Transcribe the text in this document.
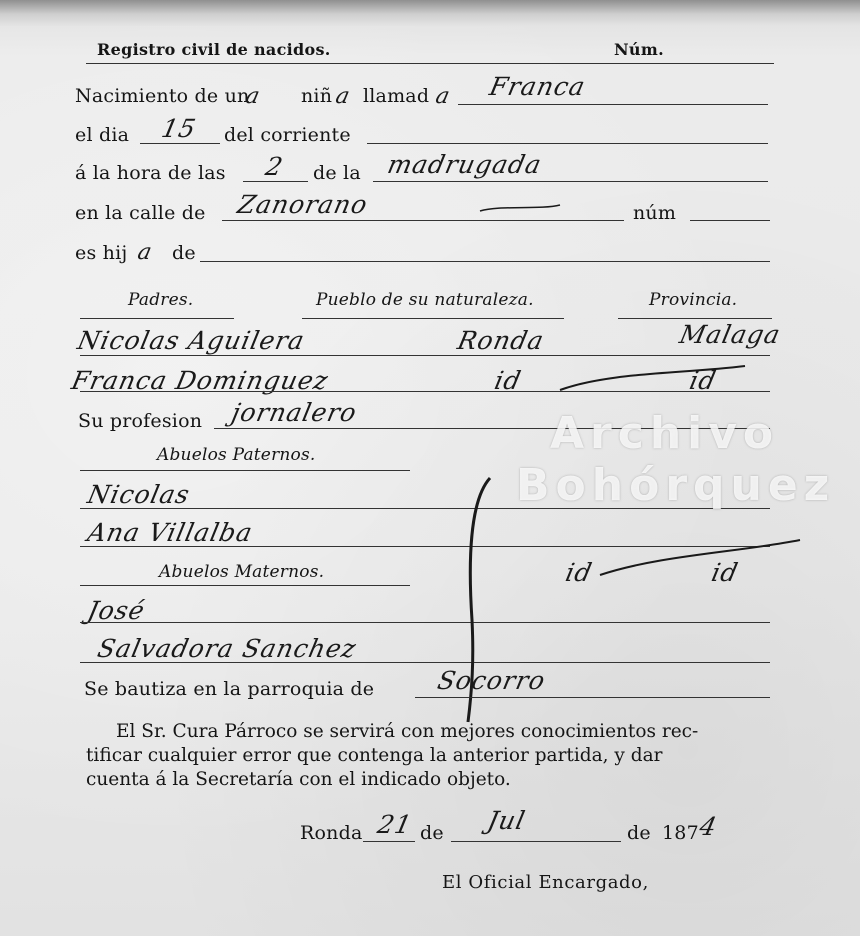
Registro civil de nacidos.	Núm.
Nacimiento de un
a niñ a llamad a Franca
el dia 15 del corriente
á la hora de las 2 de la madrugada
en la calle de Zanorano	núm
es hij a de
Padres.	Pueblo de su naturaleza.	Provincia.
Nicolas Aguilera	Ronda	Malaga
Franca Dominguez	id	id
Su profesion jornalero
Abuelos Paternos.
Nicolas
Ana Villalba
Abuelos Maternos.
José
Salvadora Sanchez
id	id
Se bautiza en la parroquia de Socorro
El Sr. Cura Párroco se servirá con mejores conocimientos rec-
tificar cualquier error que contenga la anterior partida, y dar
cuenta á la Secretaría con el indicado objeto.
Ronda 21 de Jul	de 187
4
El Oficial Encargado,
Archivo
Bohórquez
